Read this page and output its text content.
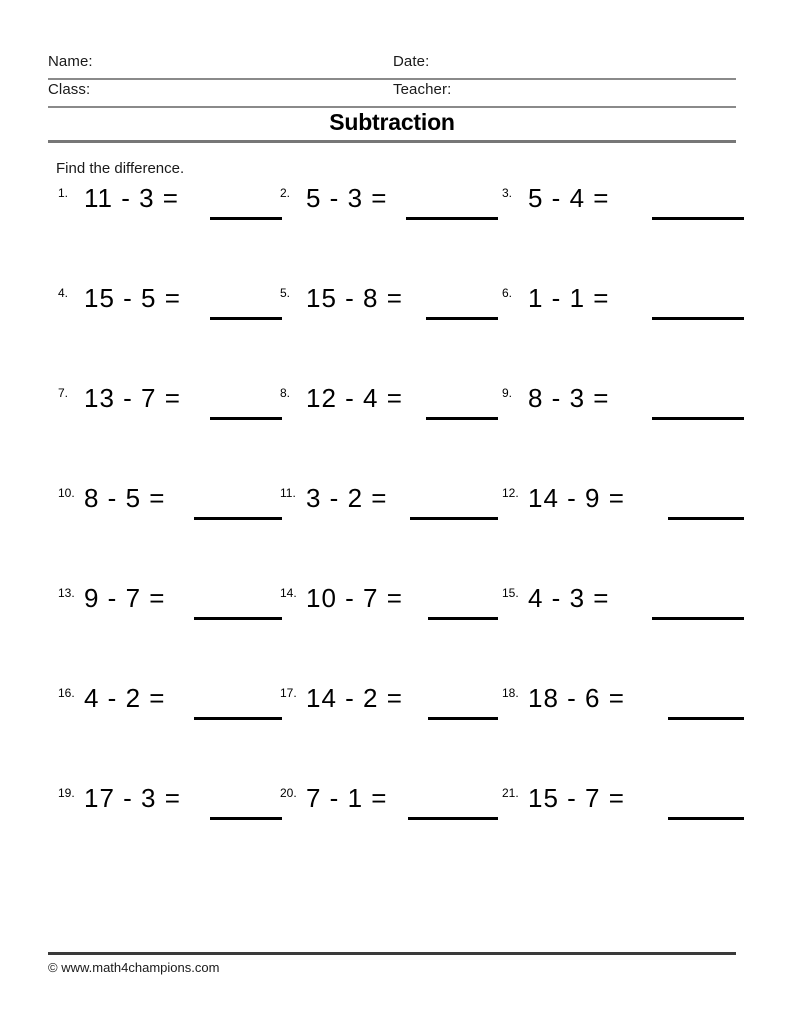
Name:	Date:
Class:	Teacher:
Subtraction
Find the difference.
1. 11 - 3 =	2. 5 - 3 =	3. 5 - 4 =
4. 15 - 5 =	5. 15 - 8 =	6. 1 - 1 =
7. 13 - 7 =	8. 12 - 4 =	9. 8 - 3 =
10. 8 - 5 =	11. 3 - 2 =	12. 14 - 9 =
13. 9 - 7 =	14. 10 - 7 =	15. 4 - 3 =
16. 4 - 2 =	17. 14 - 2 =	18. 18 - 6 =
19. 17 - 3 =	20. 7 - 1 =	21. 15 - 7 =
© www.math4champions.com
